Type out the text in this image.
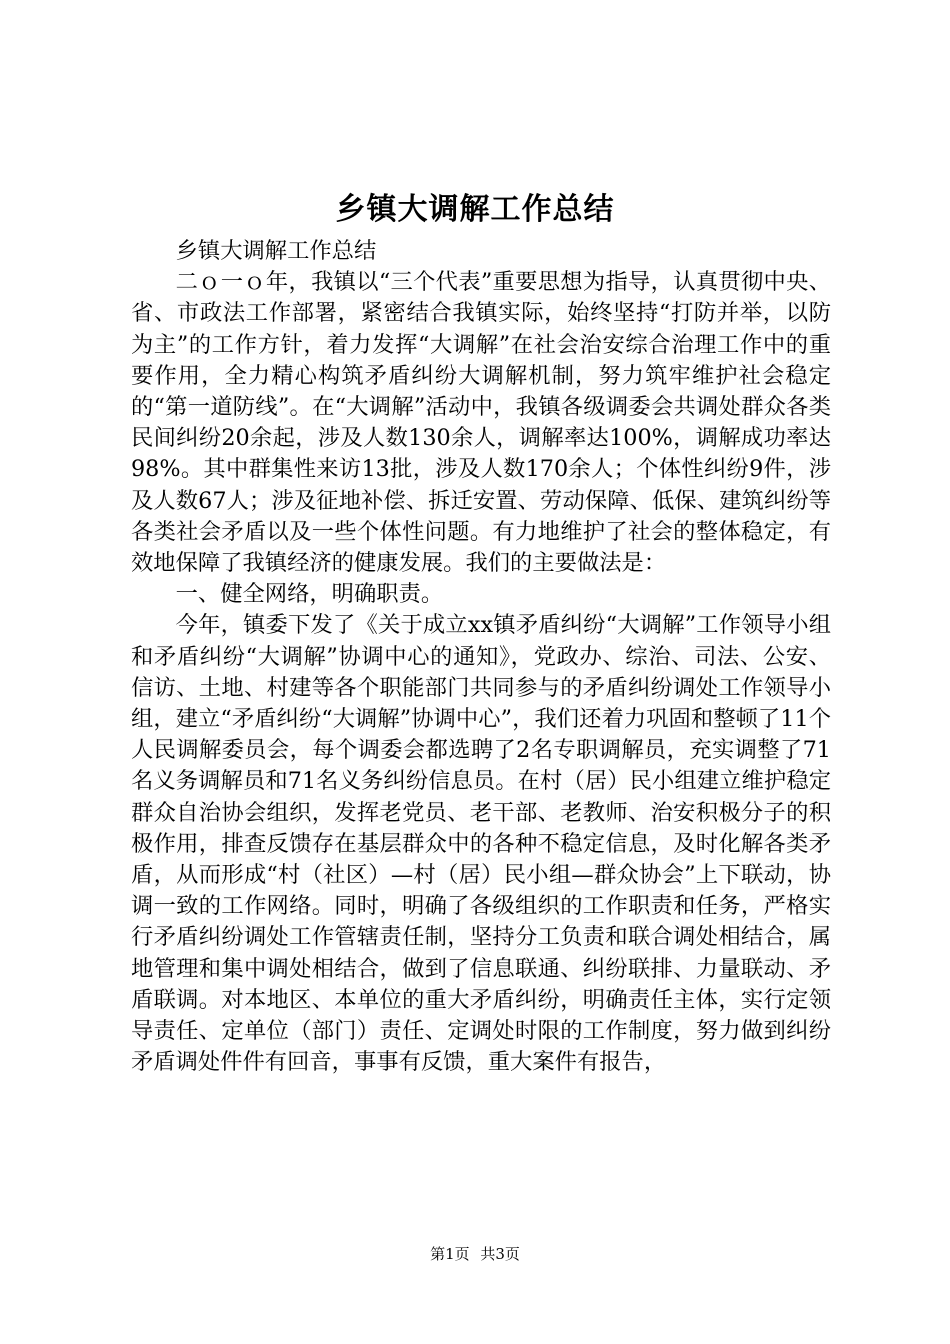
乡镇大调解工作总结

乡镇大调解工作总结

二ｏ一ｏ年，我镇以“三个代表”重要思想为指导，认真贯彻中央、省、市政法工作部署，紧密结合我镇实际，始终坚持“打防并举，以防为主”的工作方针，着力发挥“大调解”在社会治安综合治理工作中的重要作用，全力精心构筑矛盾纠纷大调解机制，努力筑牢维护社会稳定的“第一道防线”。在“大调解”活动中，我镇各级调委会共调处群众各类民间纠纷20余起，涉及人数130余人，调解率达100%，调解成功率达98%。其中群集性来访13批，涉及人数170余人；个体性纠纷9件，涉及人数67人；涉及征地补偿、拆迁安置、劳动保障、低保、建筑纠纷等各类社会矛盾以及一些个体性问题。有力地维护了社会的整体稳定，有效地保障了我镇经济的健康发展。我们的主要做法是：

一、健全网络，明确职责。

今年，镇委下发了《关于成立xx镇矛盾纠纷“大调解”工作领导小组和矛盾纠纷“大调解”协调中心的通知》，党政办、综治、司法、公安、信访、土地、村建等各个职能部门共同参与的矛盾纠纷调处工作领导小组，建立“矛盾纠纷“大调解”协调中心”，我们还着力巩固和整顿了11个人民调解委员会，每个调委会都选聘了2名专职调解员，充实调整了71名义务调解员和71名义务纠纷信息员。在村（居）民小组建立维护稳定群众自治协会组织，发挥老党员、老干部、老教师、治安积极分子的积极作用，排查反馈存在基层群众中的各种不稳定信息，及时化解各类矛盾，从而形成“村（社区）—村（居）民小组—群众协会”上下联动，协调一致的工作网络。同时，明确了各级组织的工作职责和任务，严格实行矛盾纠纷调处工作管辖责任制，坚持分工负责和联合调处相结合，属地管理和集中调处相结合，做到了信息联通、纠纷联排、力量联动、矛盾联调。对本地区、本单位的重大矛盾纠纷，明确责任主体，实行定领导责任、定单位（部门）责任、定调处时限的工作制度，努力做到纠纷矛盾调处件件有回音，事事有反馈，重大案件有报告，

第1页 共3页
